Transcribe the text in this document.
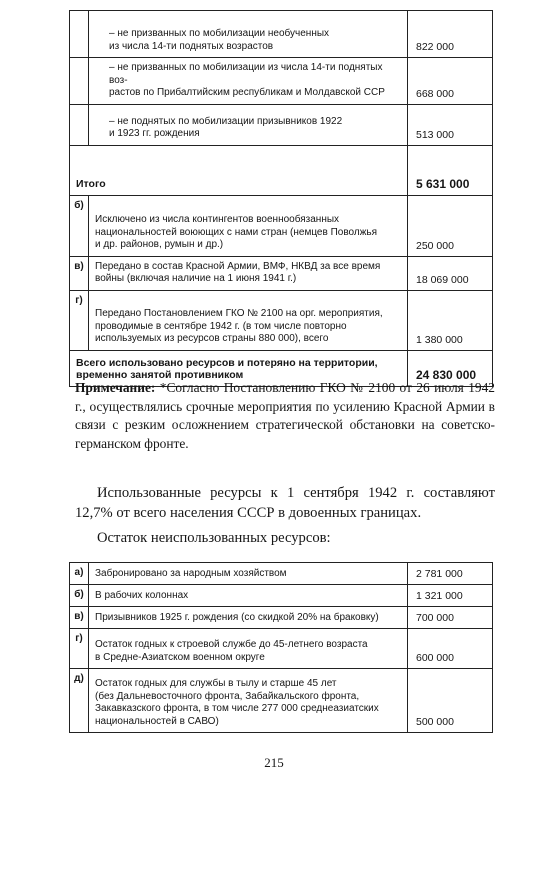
	– не призванных по мобилизации необученных
из числа 14-ти поднятых возрастов	822 000
	– не призванных по мобилизации из числа 14-ти поднятых воз-
растов по Прибалтийским республикам и Молдавской ССР	668 000
	– не поднятых по мобилизации призывников 1922
и 1923 гг. рождения	513 000
Итого		5 631 000
б)	Исключено из числа контингентов военнообязанных
национальностей воюющих с нами стран (немцев Поволжья
и др. районов, румын и др.)	250 000
в)	Передано в состав Красной Армии, ВМФ, НКВД за все время
войны (включая наличие на 1 июня 1941 г.)	18 069 000
г)	Передано Постановлением ГКО № 2100 на орг. мероприятия,
проводимые в сентябре 1942 г. (в том числе повторно
используемых из ресурсов страны 880 000), всего	1 380 000
Всего использовано ресурсов и потеряно на территории,
временно занятой противником		24 830 000
Примечание: *Согласно Постановлению ГКО № 2100 от 26 июля 1942 г., осуществлялись срочные мероприятия по усилению Красной Армии в связи с резким осложнением стратегической обстановки на советско-германском фронте.
Использованные ресурсы к 1 сентября 1942 г. составляют 12,7% от всего населения СССР в довоенных границах.
Остаток неиспользованных ресурсов:
а)	Забронировано за народным хозяйством	2 781 000
б)	В рабочих колоннах	1 321 000
в)	Призывников 1925 г. рождения (со скидкой 20% на браковку)	700 000
г)	Остаток годных к строевой службе до 45-летнего возраста
в Средне-Азиатском военном округе	600 000
д)	Остаток годных для службы в тылу и старше 45 лет
(без Дальневосточного фронта, Забайкальского фронта,
Закавказского фронта, в том числе 277 000 среднеазиатских
национальностей в САВО)	500 000
215
